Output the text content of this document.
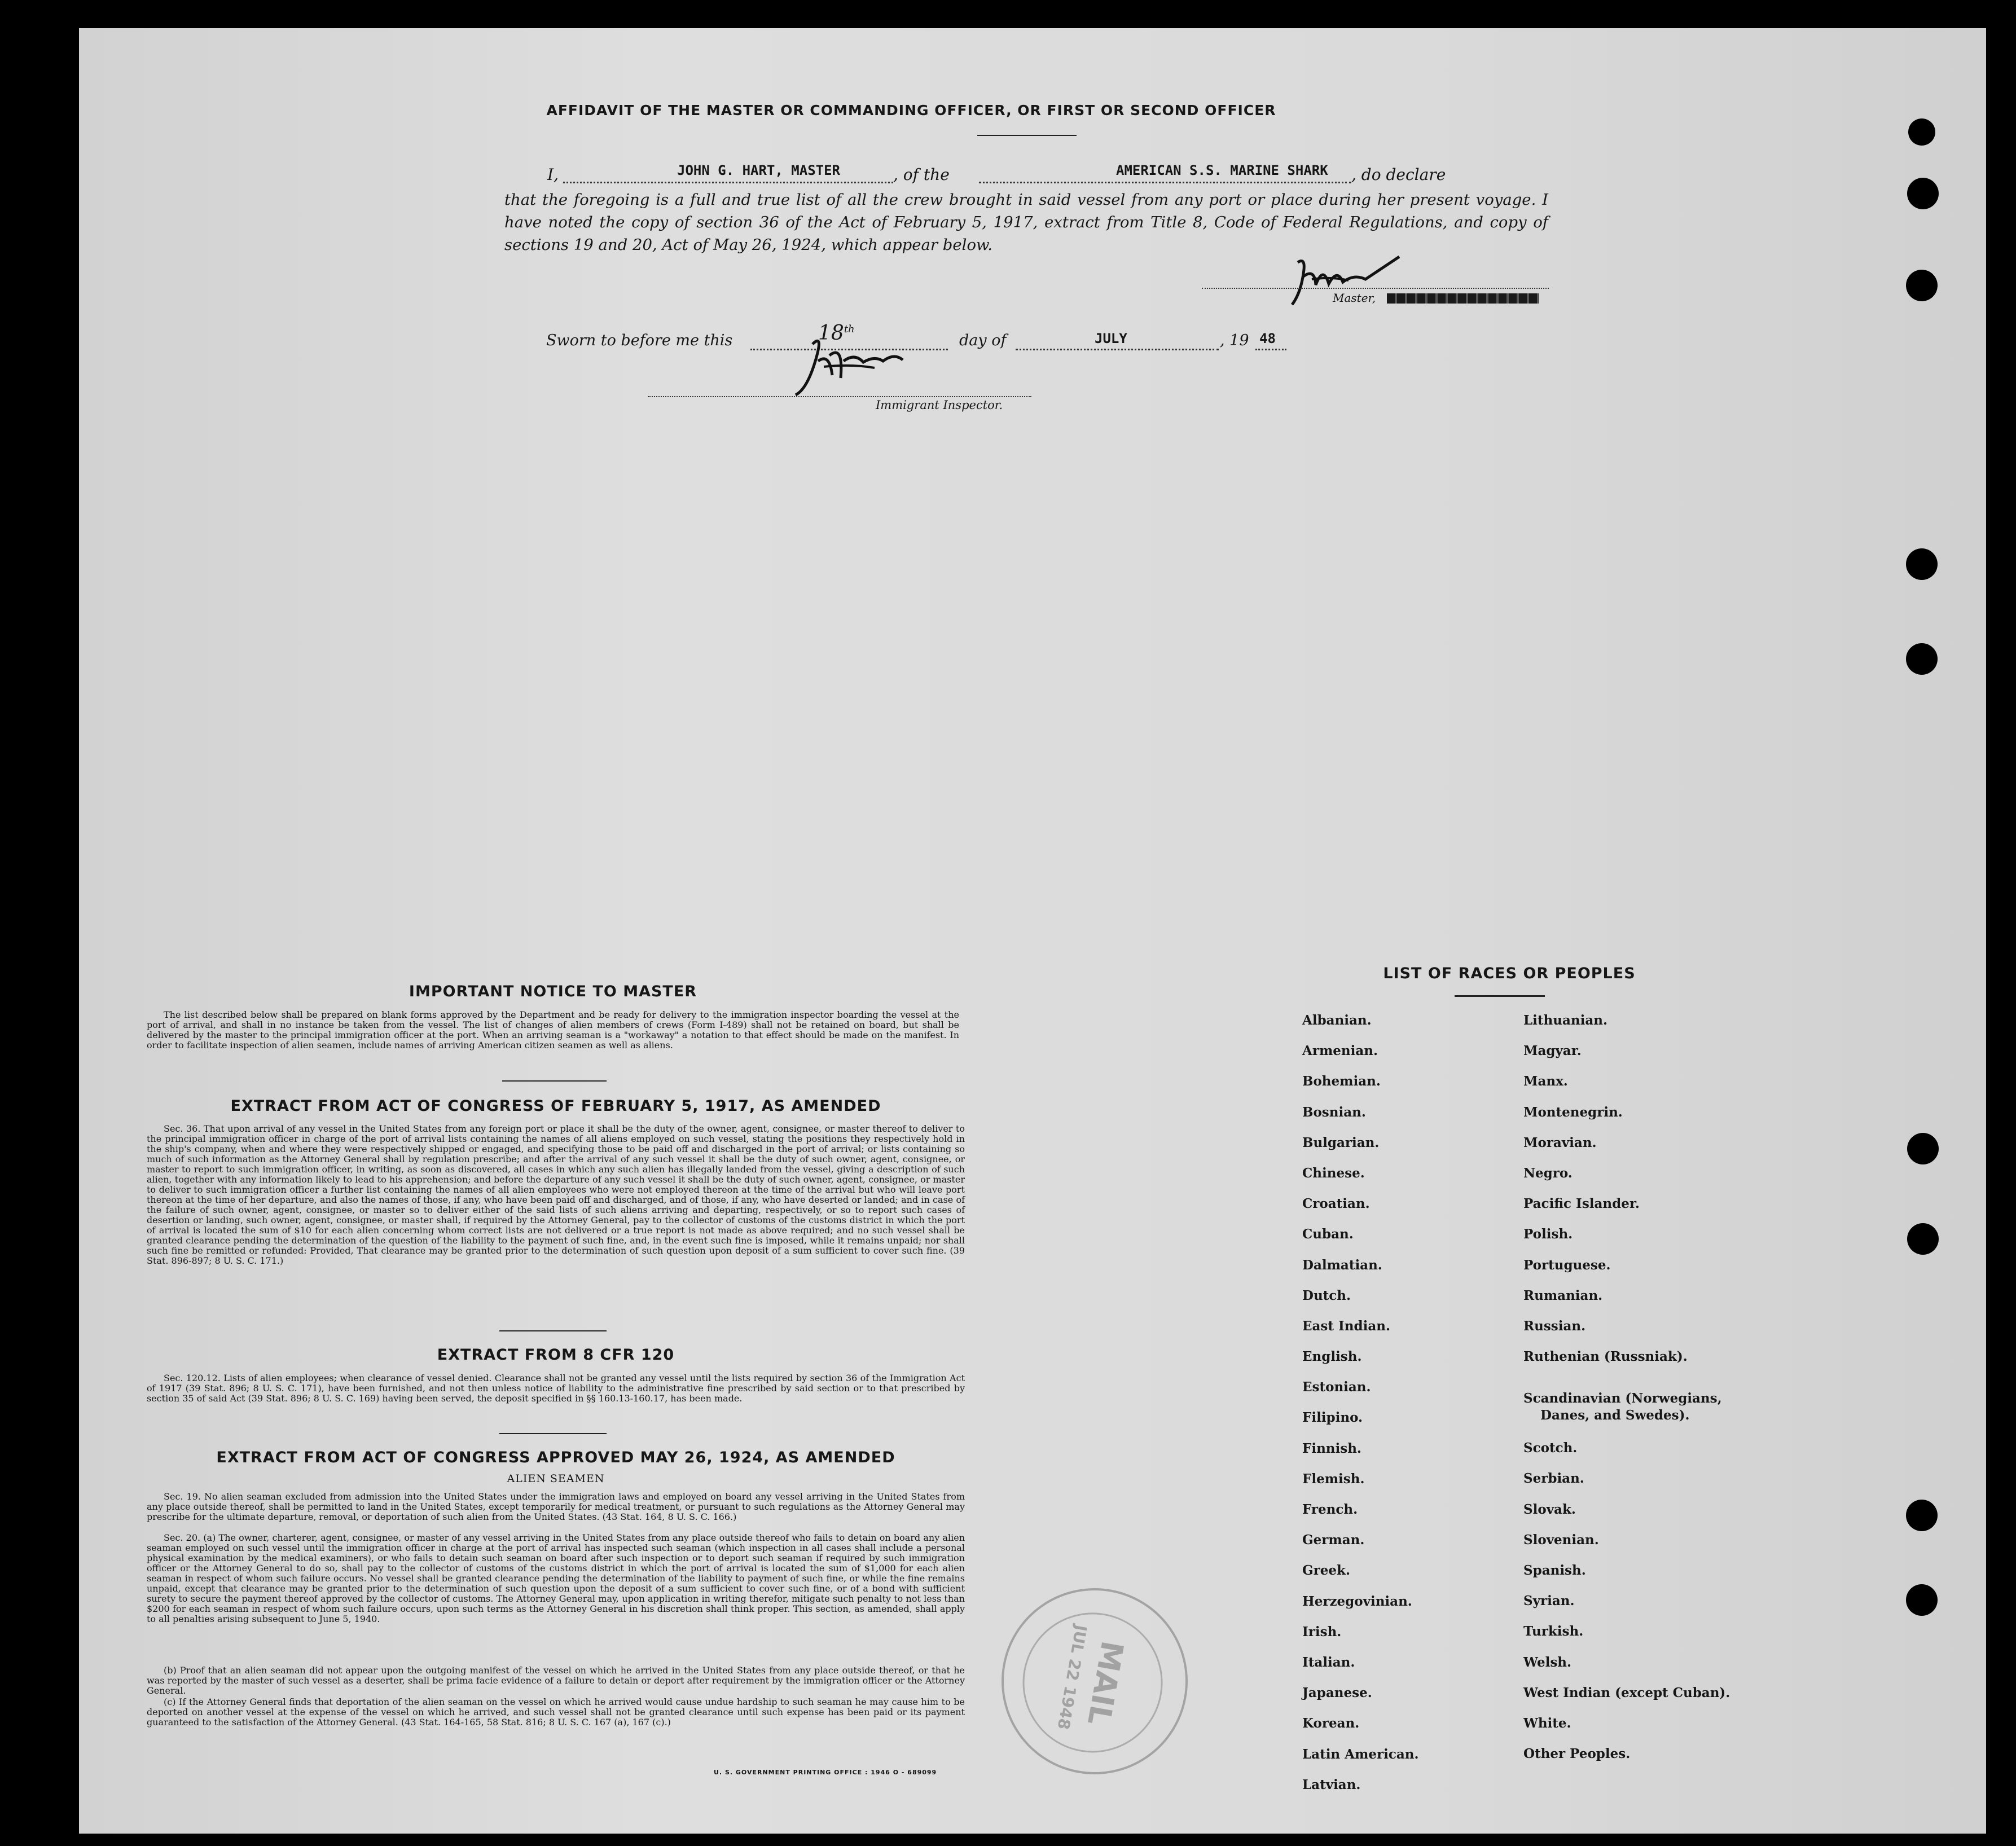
AFFIDAVIT OF THE MASTER OR COMMANDING OFFICER, OR FIRST OR SECOND OFFICER
I,	JOHN G. HART, MASTER	, of the	AMERICAN S.S. MARINE SHARK , do declare
that the foregoing is a full and true list of all the crew brought in said vessel from any port or place during her present voyage. I have noted the copy of section 36 of the Act of February 5, 1917, extract from Title 8, Code of Federal Regulations, and copy of sections 19 and 20, Act of May 26, 1924, which appear below.
Master,
Sworn to before me this	18th
day of	JULY	, 19 48
Immigrant Inspector.
IMPORTANT NOTICE TO MASTER
The list described below shall be prepared on blank forms approved by the Department and be ready for delivery to the immigration inspector boarding the vessel at the port of arrival, and shall in no instance be taken from the vessel. The list of changes of alien members of crews (Form I-489) shall not be retained on board, but shall be delivered by the master to the principal immigration officer at the port. When an arriving seaman is a "workaway" a notation to that effect should be made on the manifest. In order to facilitate inspection of alien seamen, include names of arriving American citizen seamen as well as aliens.
EXTRACT FROM ACT OF CONGRESS OF FEBRUARY 5, 1917, AS AMENDED
Sec. 36. That upon arrival of any vessel in the United States from any foreign port or place it shall be the duty of the owner, agent, consignee, or master thereof to deliver to the principal immigration officer in charge of the port of arrival lists containing the names of all aliens employed on such vessel, stating the positions they respectively hold in the ship's company, when and where they were respectively shipped or engaged, and specifying those to be paid off and discharged in the port of arrival; or lists containing so much of such information as the Attorney General shall by regulation prescribe; and after the arrival of any such vessel it shall be the duty of such owner, agent, consignee, or master to report to such immigration officer, in writing, as soon as discovered, all cases in which any such alien has illegally landed from the vessel, giving a description of such alien, together with any information likely to lead to his apprehension; and before the departure of any such vessel it shall be the duty of such owner, agent, consignee, or master to deliver to such immigration officer a further list containing the names of all alien employees who were not employed thereon at the time of the arrival but who will leave port thereon at the time of her departure, and also the names of those, if any, who have been paid off and discharged, and of those, if any, who have deserted or landed; and in case of the failure of such owner, agent, consignee, or master so to deliver either of the said lists of such aliens arriving and departing, respectively, or so to report such cases of desertion or landing, such owner, agent, consignee, or master shall, if required by the Attorney General, pay to the collector of customs of the customs district in which the port of arrival is located the sum of $10 for each alien concerning whom correct lists are not delivered or a true report is not made as above required; and no such vessel shall be granted clearance pending the determination of the question of the liability to the payment of such fine, and, in the event such fine is imposed, while it remains unpaid; nor shall such fine be remitted or refunded: Provided, That clearance may be granted prior to the determination of such question upon deposit of a sum sufficient to cover such fine. (39 Stat. 896-897; 8 U. S. C. 171.)
EXTRACT FROM 8 CFR 120
Sec. 120.12. Lists of alien employees; when clearance of vessel denied. Clearance shall not be granted any vessel until the lists required by section 36 of the Immigration Act of 1917 (39 Stat. 896; 8 U. S. C. 171), have been furnished, and not then unless notice of liability to the administrative fine prescribed by said section or to that prescribed by section 35 of said Act (39 Stat. 896; 8 U. S. C. 169) having been served, the deposit specified in §§ 160.13-160.17, has been made.
EXTRACT FROM ACT OF CONGRESS APPROVED MAY 26, 1924, AS AMENDED
ALIEN SEAMEN
Sec. 19. No alien seaman excluded from admission into the United States under the immigration laws and employed on board any vessel arriving in the United States from any place outside thereof, shall be permitted to land in the United States, except temporarily for medical treatment, or pursuant to such regulations as the Attorney General may prescribe for the ultimate departure, removal, or deportation of such alien from the United States. (43 Stat. 164, 8 U. S. C. 166.)
Sec. 20. (a) The owner, charterer, agent, consignee, or master of any vessel arriving in the United States from any place outside thereof who fails to detain on board any alien seaman employed on such vessel until the immigration officer in charge at the port of arrival has inspected such seaman (which inspection in all cases shall include a personal physical examination by the medical examiners), or who fails to detain such seaman on board after such inspection or to deport such seaman if required by such immigration officer or the Attorney General to do so, shall pay to the collector of customs of the customs district in which the port of arrival is located the sum of $1,000 for each alien seaman in respect of whom such failure occurs. No vessel shall be granted clearance pending the determination of the liability to payment of such fine, or while the fine remains unpaid, except that clearance may be granted prior to the determination of such question upon the deposit of a sum sufficient to cover such fine, or of a bond with sufficient surety to secure the payment thereof approved by the collector of customs. The Attorney General may, upon application in writing therefor, mitigate such penalty to not less than $200 for each seaman in respect of whom such failure occurs, upon such terms as the Attorney General in his discretion shall think proper. This section, as amended, shall apply to all penalties arising subsequent to June 5, 1940.
(b) Proof that an alien seaman did not appear upon the outgoing manifest of the vessel on which he arrived in the United States from any place outside thereof, or that he was reported by the master of such vessel as a deserter, shall be prima facie evidence of a failure to detain or deport after requirement by the immigration officer or the Attorney General.
(c) If the Attorney General finds that deportation of the alien seaman on the vessel on which he arrived would cause undue hardship to such seaman he may cause him to be deported on another vessel at the expense of the vessel on which he arrived, and such vessel shall not be granted clearance until such expense has been paid or its payment guaranteed to the satisfaction of the Attorney General. (43 Stat. 164-165, 58 Stat. 816; 8 U. S. C. 167 (a), 167 (c).)
U. S. GOVERNMENT PRINTING OFFICE : 1946 O - 689099
MAIL
JUL 22 1948
LIST OF RACES OR PEOPLES
Albanian.
Armenian.
Bohemian.
Bosnian.
Bulgarian.
Chinese.
Croatian.
Cuban.
Dalmatian.
Dutch.
East Indian.
English.
Estonian.
Filipino.
Finnish.
Flemish.
French.
German.
Greek.
Herzegovinian.
Irish.
Italian.
Japanese.
Korean.
Latin American.
Latvian.
Lithuanian.
Magyar.
Manx.
Montenegrin.
Moravian.
Negro.
Pacific Islander.
Polish.
Portuguese.
Rumanian.
Russian.
Ruthenian (Russniak).
Scandinavian (Norwegians,
Danes, and Swedes).
Scotch.
Serbian.
Slovak.
Slovenian.
Spanish.
Syrian.
Turkish.
Welsh.
West Indian (except Cuban).
White.
Other Peoples.
